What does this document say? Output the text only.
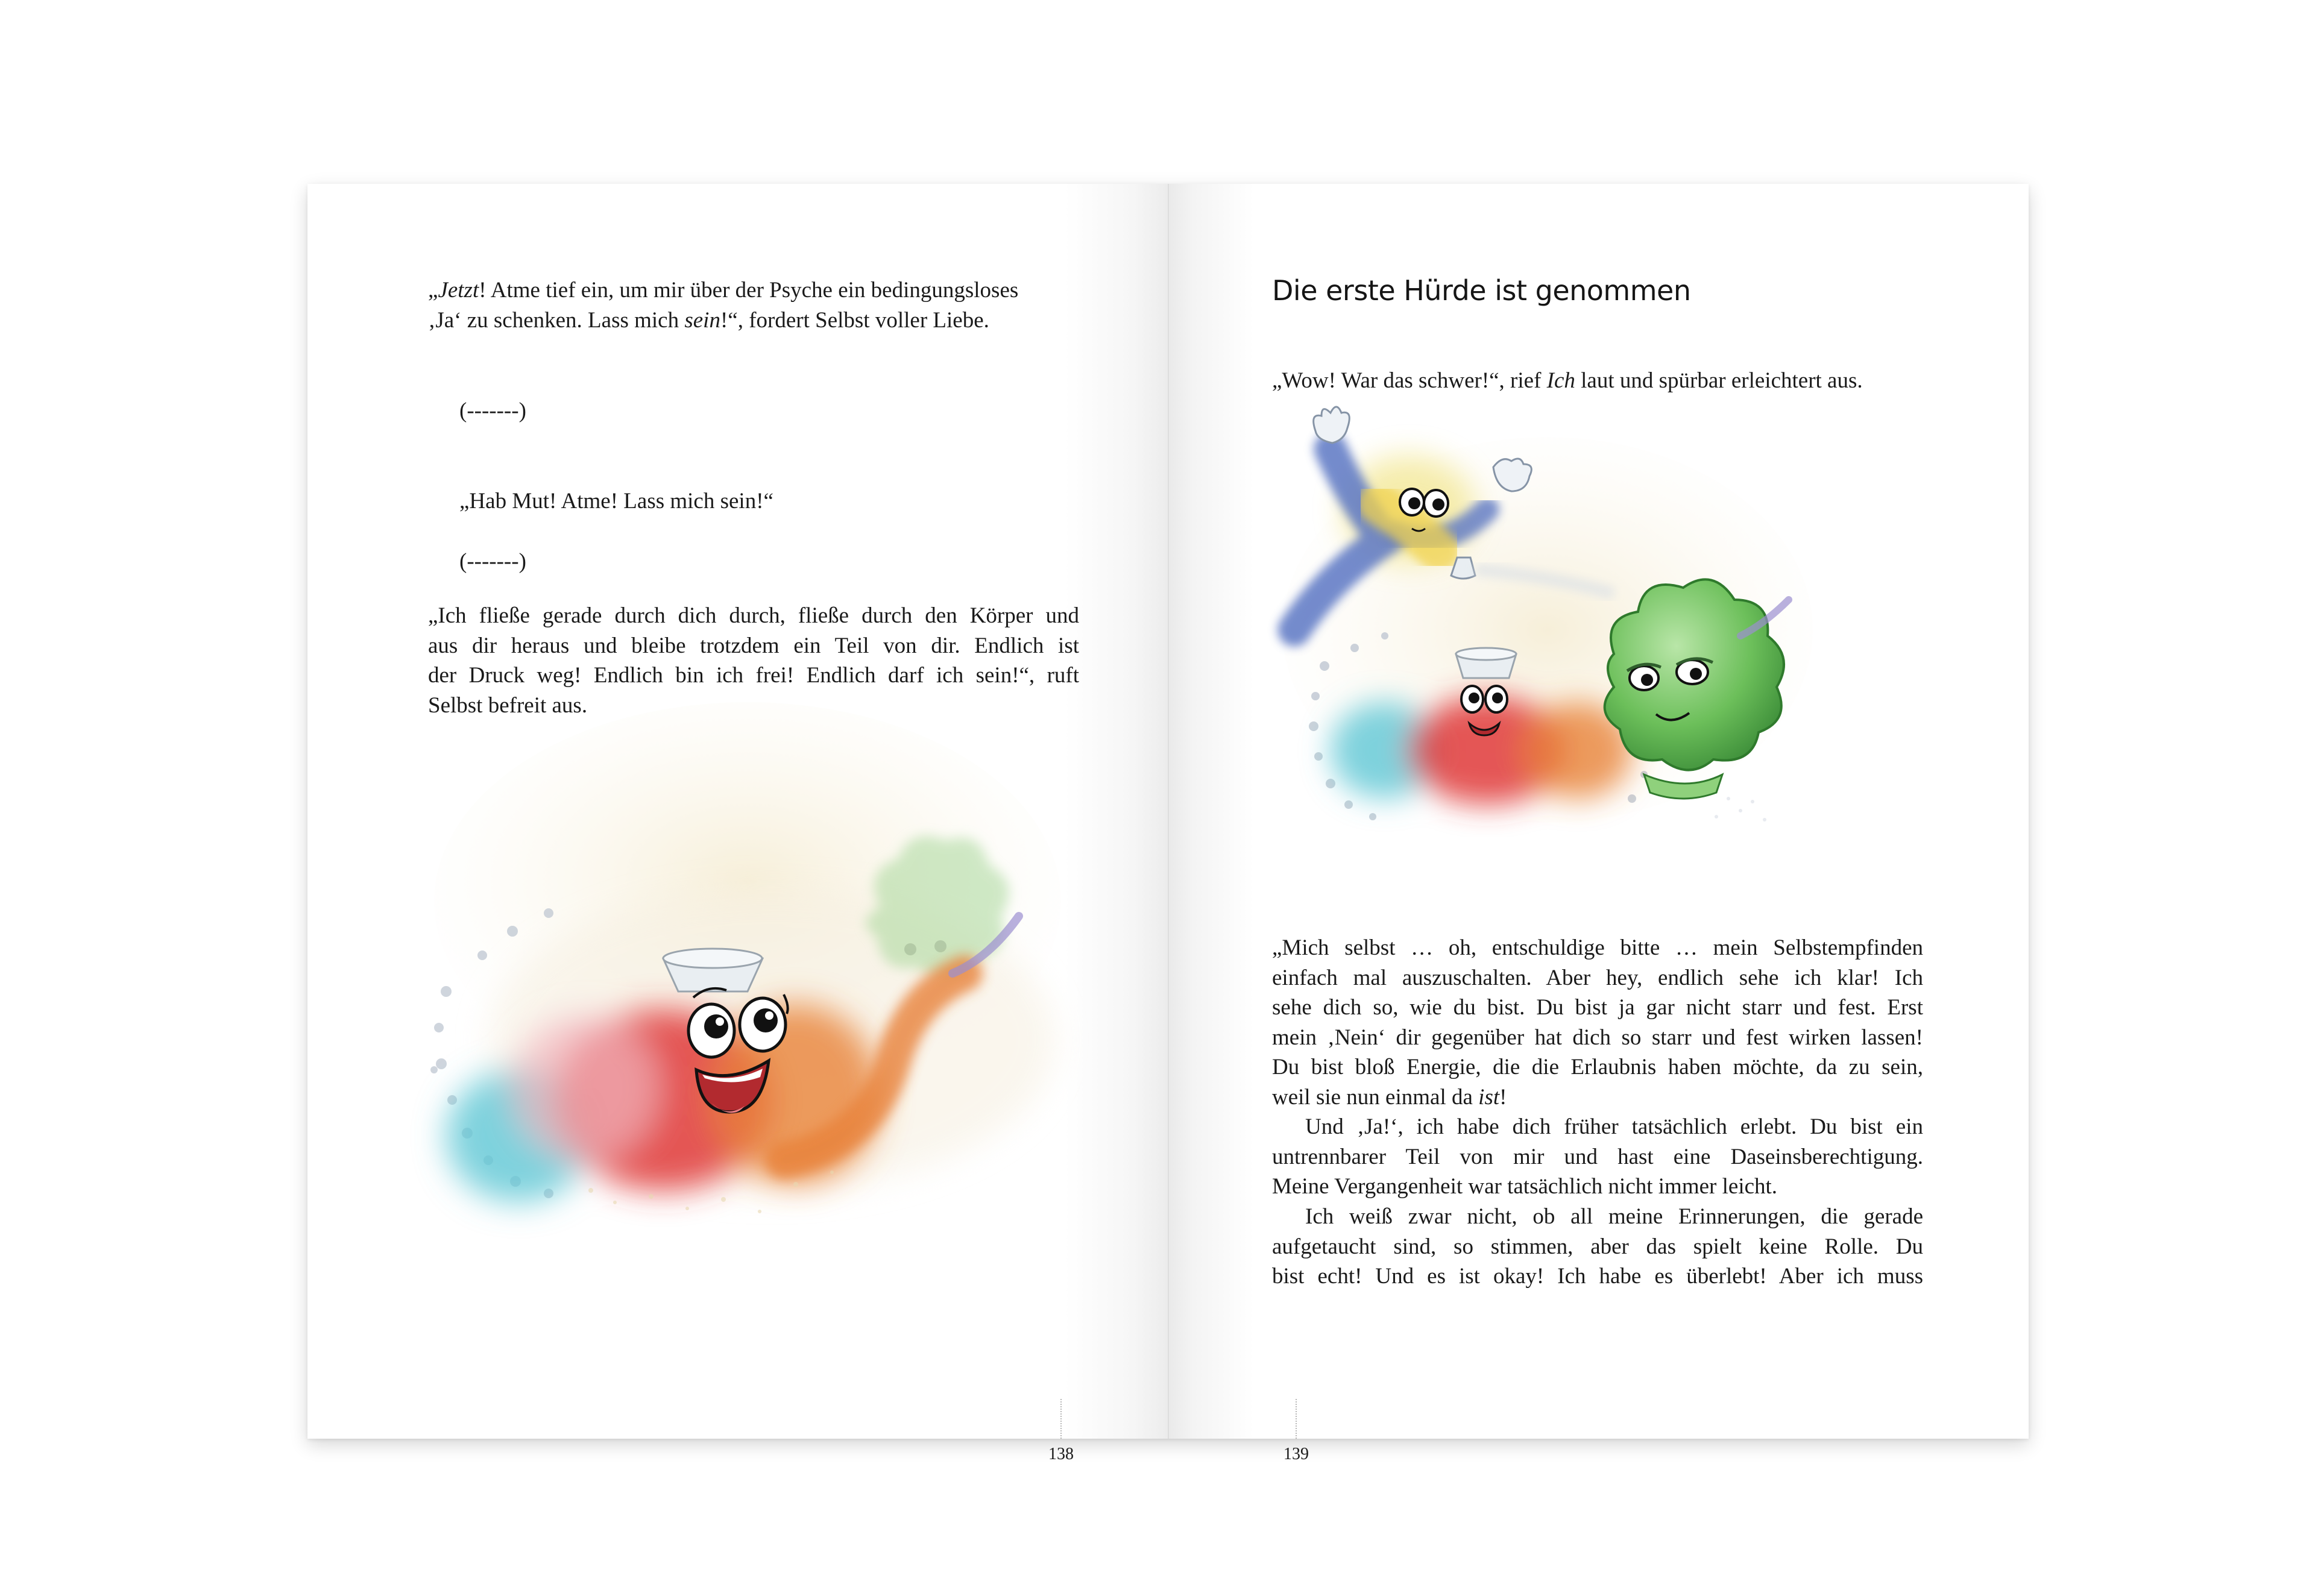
„Jetzt! Atme tief ein, um mir über der Psyche ein bedingungsloses
‚Ja‘ zu schenken. Lass mich sein!“, fordert Selbst voller Liebe.

(-------)

„Hab Mut! Atme! Lass mich sein!“

(-------)

„Ich fließe gerade durch dich durch, fließe durch den Körper und
aus dir heraus und bleibe trotzdem ein Teil von dir. Endlich ist
der Druck weg! Endlich bin ich frei! Endlich darf ich sein!“, ruft
Selbst befreit aus.

138
Die erste Hürde ist genommen

„Wow! War das schwer!“, rief Ich laut und spürbar erleichtert aus.

„Mich selbst … oh, entschuldige bitte … mein Selbstempfinden
einfach mal auszuschalten. Aber hey, endlich sehe ich klar! Ich
sehe dich so, wie du bist. Du bist ja gar nicht starr und fest. Erst
mein ‚Nein‘ dir gegenüber hat dich so starr und fest wirken lassen!
Du bist bloß Energie, die die Erlaubnis haben möchte, da zu sein,
weil sie nun einmal da ist!

Und ‚Ja!‘, ich habe dich früher tatsächlich erlebt. Du bist ein
untrennbarer Teil von mir und hast eine Daseinsberechtigung.
Meine Vergangenheit war tatsächlich nicht immer leicht.

Ich weiß zwar nicht, ob all meine Erinnerungen, die gerade
aufgetaucht sind, so stimmen, aber das spielt keine Rolle. Du
bist echt! Und es ist okay! Ich habe es überlebt! Aber ich muss

139
